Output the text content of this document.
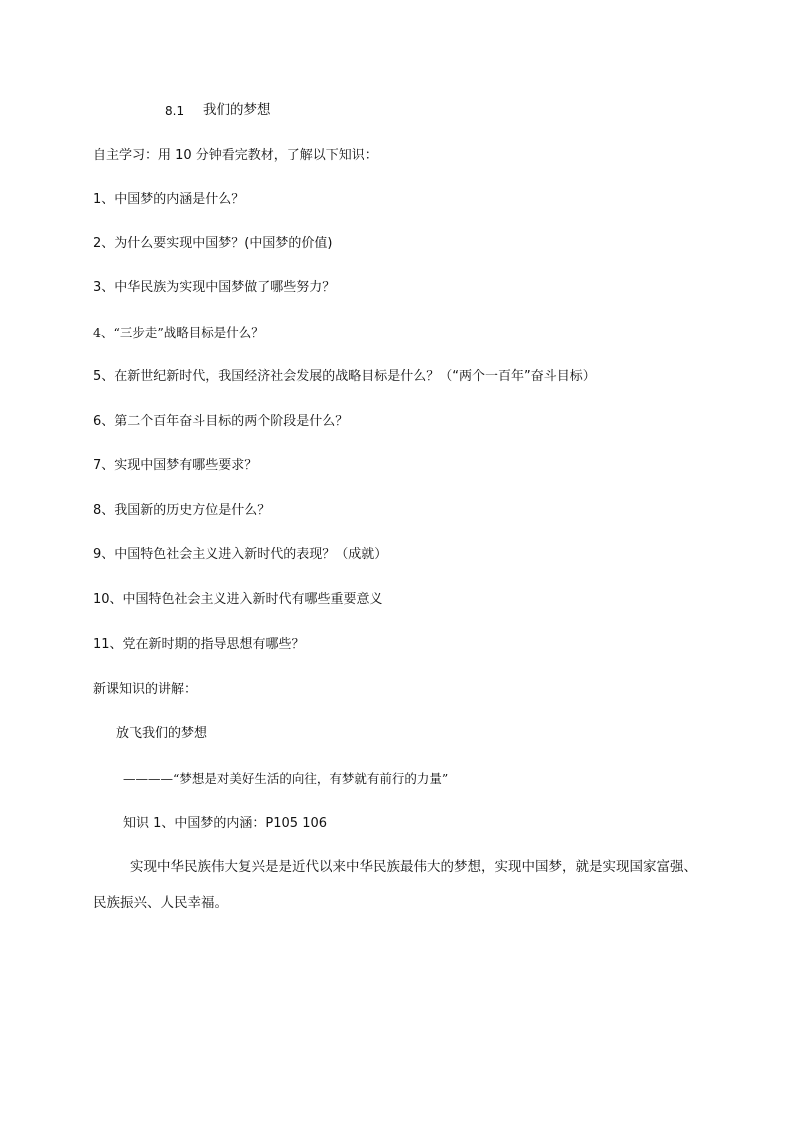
8.1 我们的梦想
自主学习：用 10 分钟看完教材，了解以下知识：
1、中国梦的内涵是什么？
2、为什么要实现中国梦？(中国梦的价值)
3、中华民族为实现中国梦做了哪些努力？
4、“三步走”战略目标是什么？
5、在新世纪新时代，我国经济社会发展的战略目标是什么？（“两个一百年”奋斗目标）
6、第二个百年奋斗目标的两个阶段是什么？
7、实现中国梦有哪些要求？
8、我国新的历史方位是什么？
9、中国特色社会主义进入新时代的表现？（成就）
10、中国特色社会主义进入新时代有哪些重要意义
11、党在新时期的指导思想有哪些？
新课知识的讲解：
放飞我们的梦想
————“梦想是对美好生活的向往，有梦就有前行的力量”
知识 1、中国梦的内涵：P105 106
实现中华民族伟大复兴是是近代以来中华民族最伟大的梦想，实现中国梦，就是实现国家富强、民族振兴、人民幸福。
